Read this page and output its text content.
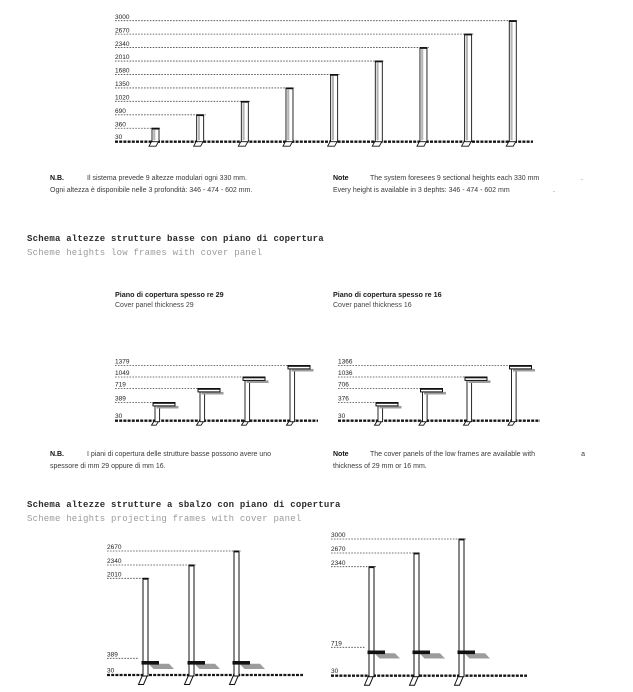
3000
2670
2340
2010
1680
1350
1020
690
360
30
1379
1049
719
389
30
1366
1036
706
376
30
2670
2340
2010
389
30
3000
2670
2340
719
30
N.B.	Il sistema prevede 9 altezze modulari ogni 330 mm.
Ogni altezza è disponibile nelle 3 profondità: 346 - 474 - 602 mm.
Note	The system foresees 9 sectional heights each 330 mm	.
Every height is available in 3 dephts: 346 - 474 - 602 mm	.
Schema altezze strutture basse con piano di copertura
Scheme heights low frames with cover panel
Piano di copertura spesso re 29
Cover panel thickness 29
Piano di copertura spesso re 16
Cover panel thickness 16
N.B.	I piani di copertura delle strutture basse possono avere uno
spessore di mm 29 oppure di mm 16.
Note	The cover panels of the low frames are available with	a
thickness of 29 mm or 16 mm.
Schema altezze strutture a sbalzo con piano di copertura
Scheme heights projecting frames with cover panel
